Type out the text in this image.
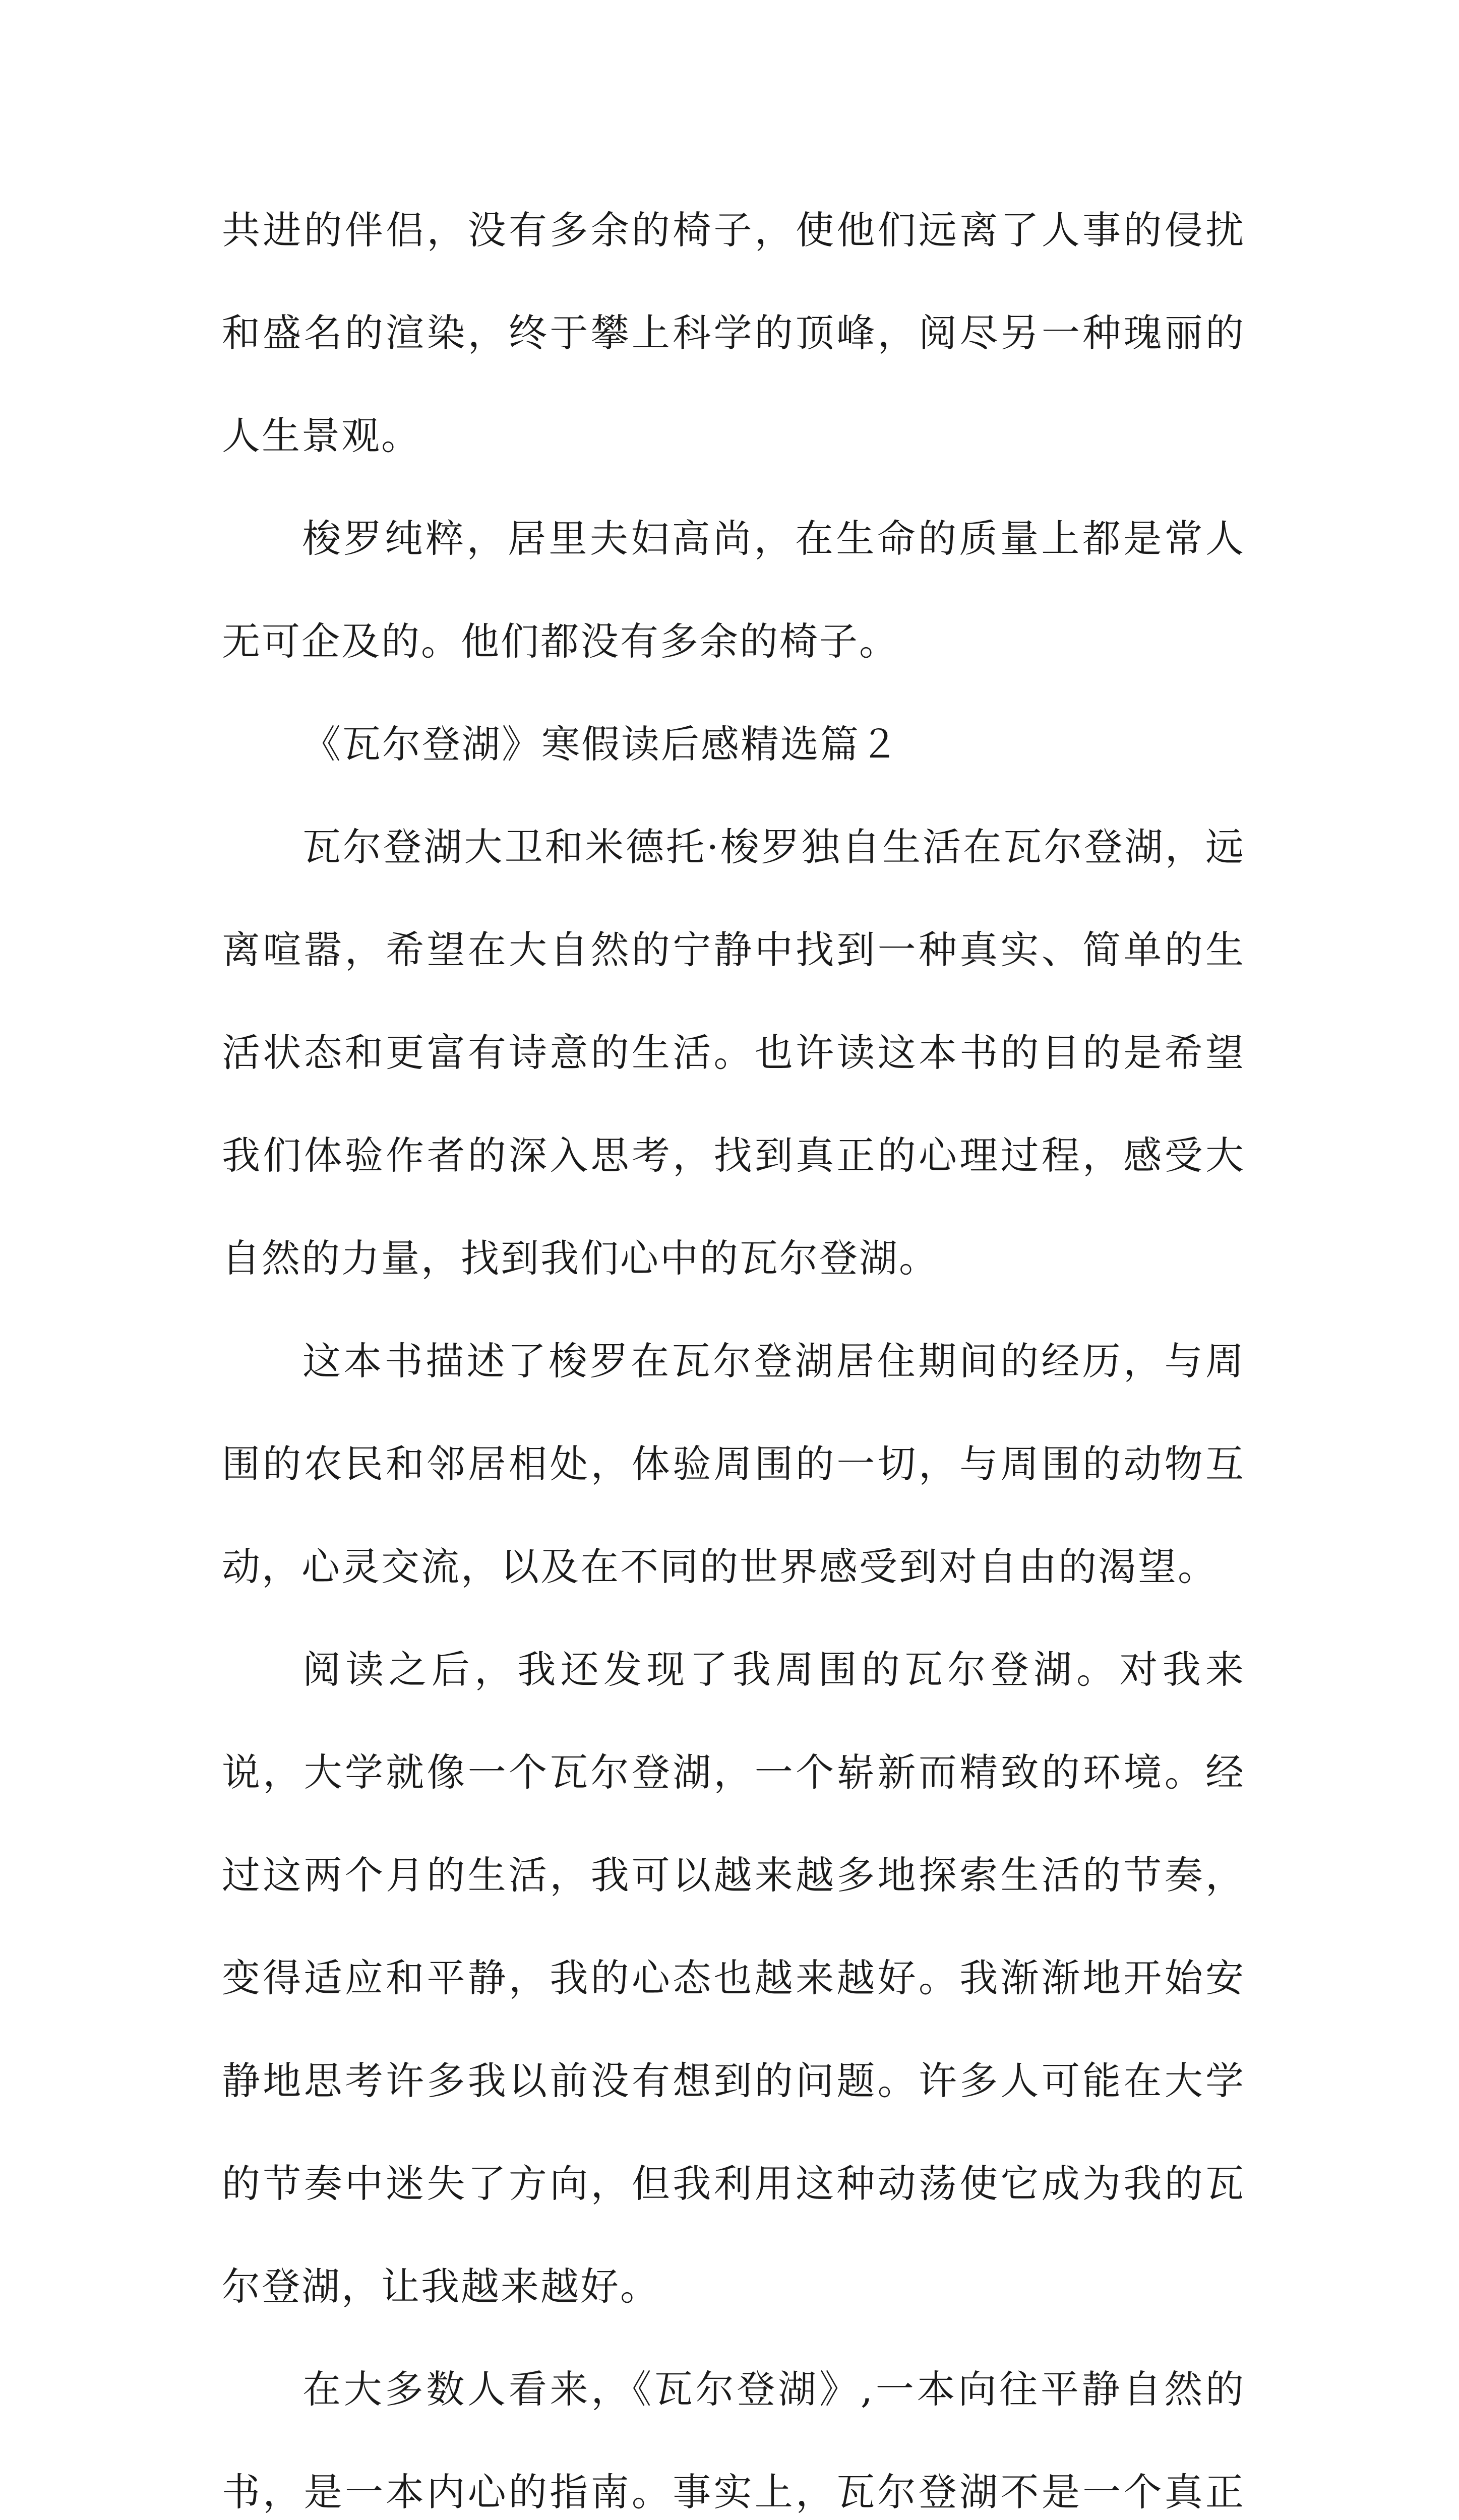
共进的伴侣，没有多余的椅子，使他们远离了人事的侵扰和盛名的渲染，终于攀上科学的顶峰，阅尽另一种瑰丽的人生景观。

梭罗纯粹，居里夫妇高尚，在生命的质量上都是常人无可企及的。他们都没有多余的椅子。

《瓦尔登湖》寒假读后感精选篇２

瓦尔登湖大卫和米德托·梭罗独自生活在瓦尔登湖，远离喧嚣，希望在大自然的宁静中找到一种真实、简单的生活状态和更富有诗意的生活。也许读这本书的目的是希望我们体验作者的深入思考，找到真正的心理过程，感受大自然的力量，找到我们心中的瓦尔登湖。

这本书描述了梭罗在瓦尔登湖居住期间的经历，与周围的农民和邻居相处，体验周围的一切，与周围的动物互动，心灵交流，以及在不同的世界感受到对自由的渴望。

阅读之后，我还发现了我周围的瓦尔登湖。对我来说，大学就像一个瓦尔登湖，一个崭新而精致的环境。经过这两个月的生活，我可以越来越多地探索生活的节奏，变得适应和平静，我的心态也越来越好。我渐渐地开始安静地思考许多我以前没有想到的问题。许多人可能在大学的节奏中迷失了方向，但我利用这种动荡使它成为我的瓦尔登湖，让我越来越好。

在大多数人看来，《瓦尔登湖》,一本向往平静自然的书，是一本内心的指南。事实上，瓦尔登湖不是一个真正
